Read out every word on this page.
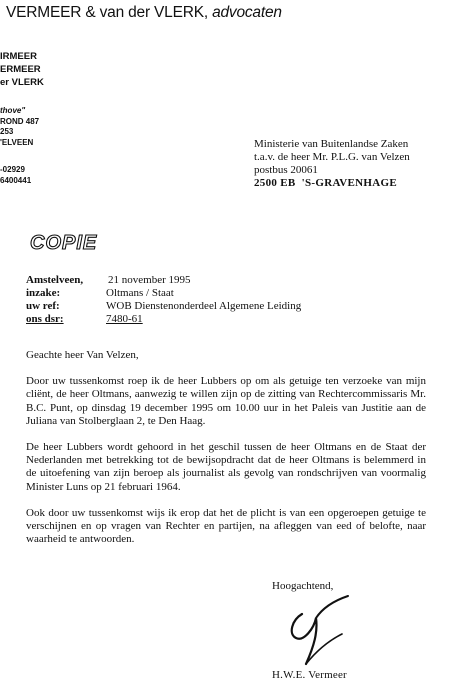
VERMEER & van der VLERK, advocaten
IRMEER
ERMEER
er VLERK
thove"
ROND 487
253
'ELVEEN
-02929
6400441
Ministerie van Buitenlandse Zaken
t.a.v. de heer Mr. P.L.G. van Velzen
postbus 20061
2500 EB 'S-GRAVENHAGE
COPIE
Amstelveen,	21 november 1995
inzake:	Oltmans / Staat
uw ref:	WOB Dienstenonderdeel Algemene Leiding
ons dsr:	7480-61

Geachte heer Van Velzen,

Door uw tussenkomst roep ik de heer Lubbers op om als getuige ten verzoeke van mijn cliënt, de heer Oltmans, aanwezig te willen zijn op de zitting van Rechtercommissaris Mr. B.C. Punt, op dinsdag 19 december 1995 om 10.00 uur in het Paleis van Justitie aan de Juliana van Stolberglaan 2, te Den Haag.

De heer Lubbers wordt gehoord in het geschil tussen de heer Oltmans en de Staat der Nederlanden met betrekking tot de bewijsopdracht dat de heer Oltmans is belemmerd in de uitoefening van zijn beroep als journalist als gevolg van rondschrijven van voormalig Minister Luns op 21 februari 1964.

Ook door uw tussenkomst wijs ik erop dat het de plicht is van een opgeroepen getuige te verschijnen en op vragen van Rechter en partijen, na afleggen van eed of belofte, naar waarheid te antwoorden.

Hoogachtend,
H.W.E. Vermeer
